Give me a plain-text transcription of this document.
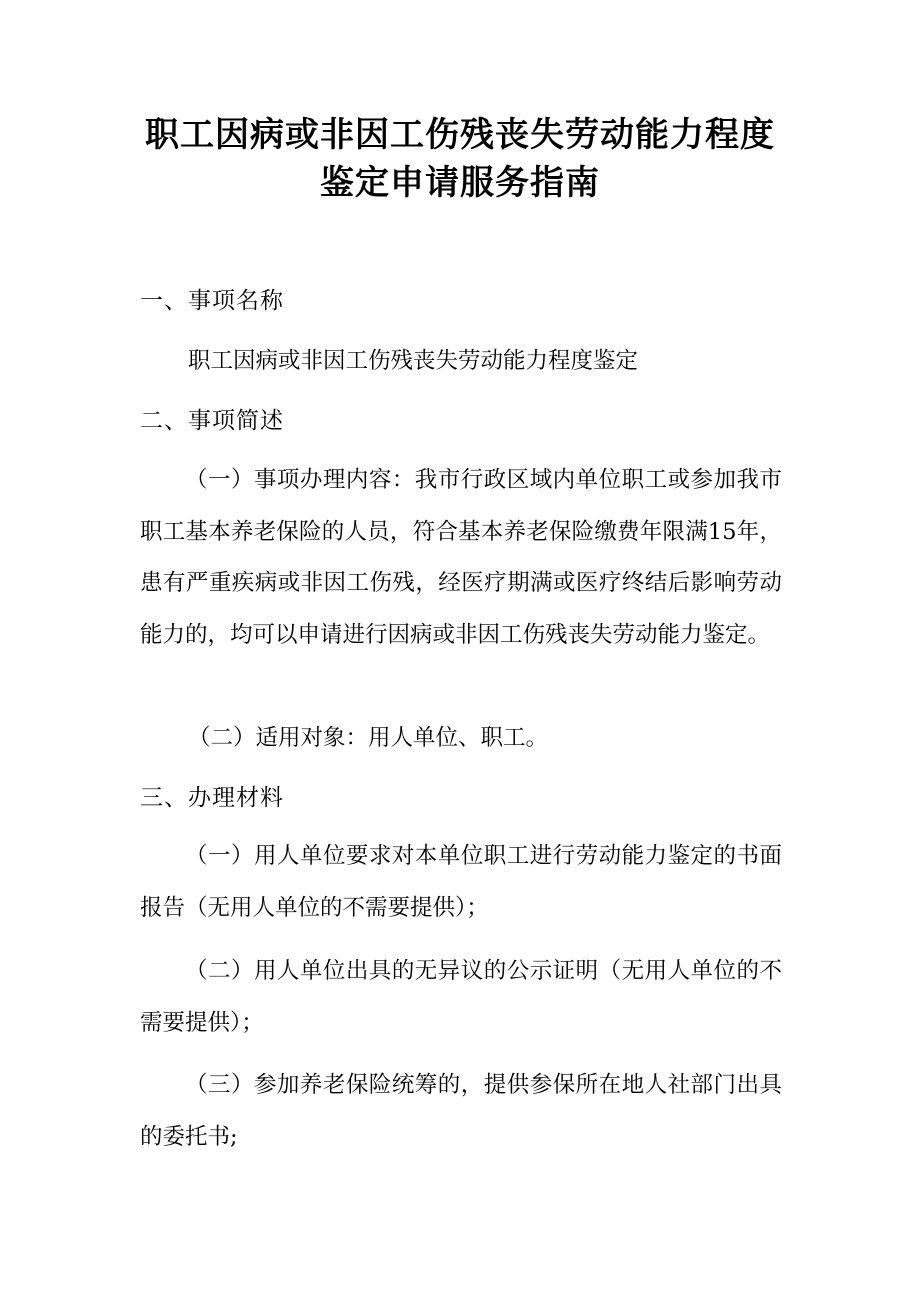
职工因病或非因工伤残丧失劳动能力程度
鉴定申请服务指南
一、事项名称
职工因病或非因工伤残丧失劳动能力程度鉴定
二、事项简述

（一）事项办理内容：我市行政区域内单位职工或参加我市职工基本养老保险的人员，符合基本养老保险缴费年限满15年，患有严重疾病或非因工伤残，经医疗期满或医疗终结后影响劳动能力的，均可以申请进行因病或非因工伤残丧失劳动能力鉴定。

（二）适用对象：用人单位、职工。
三、办理材料

（一）用人单位要求对本单位职工进行劳动能力鉴定的书面报告（无用人单位的不需要提供）；

（二）用人单位出具的无异议的公示证明（无用人单位的不需要提供）；

（三）参加养老保险统筹的，提供参保所在地人社部门出具的委托书;
